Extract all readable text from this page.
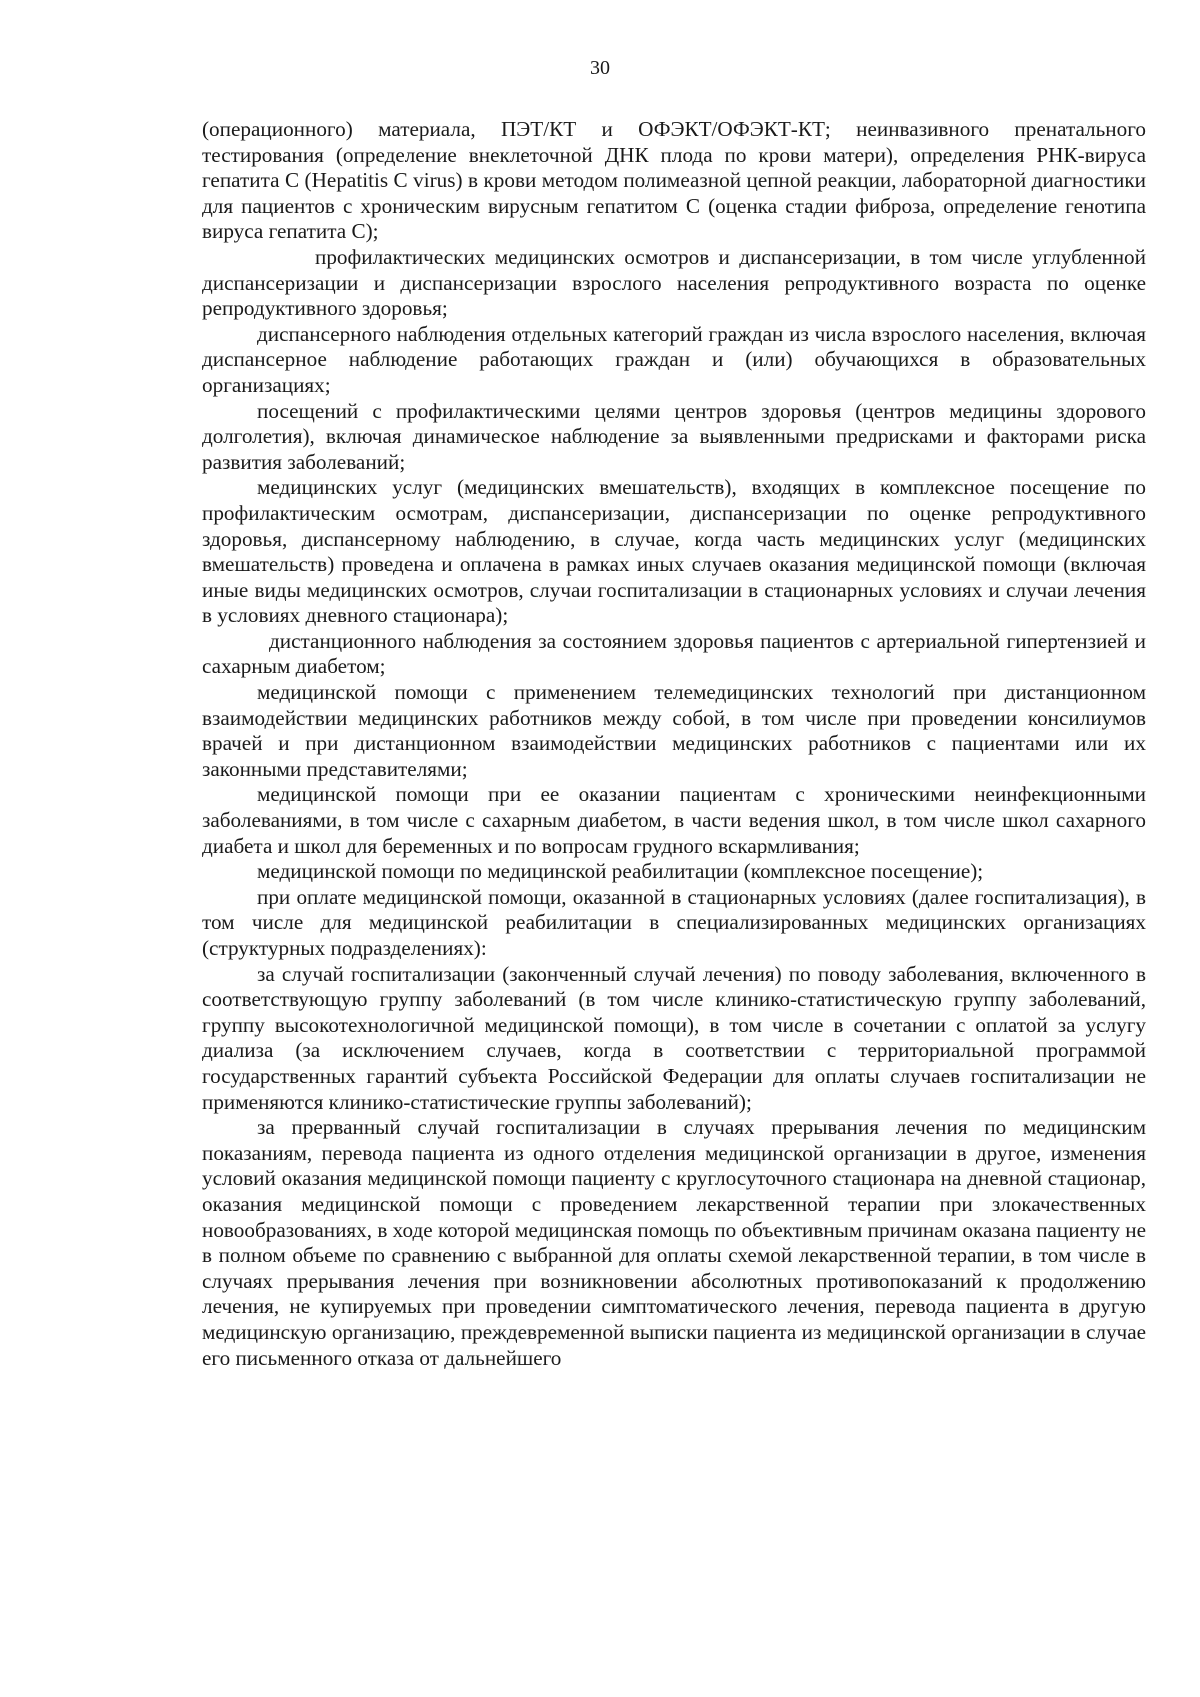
30

(операционного) материала, ПЭТ/КТ и ОФЭКТ/ОФЭКТ-КТ; неинвазивного пренатального тестирования (определение внеклеточной ДНК плода по крови матери), определения РНК-вируса гепатита С (Hepatitis C virus) в крови методом полимеазной цепной реакции, лабораторной диагностики для пациентов с хроническим вирусным гепатитом С (оценка стадии фиброза, определение генотипа вируса гепатита С);

профилактических медицинских осмотров и диспансеризации, в том числе углубленной диспансеризации и диспансеризации взрослого населения репродуктивного возраста по оценке репродуктивного здоровья;

диспансерного наблюдения отдельных категорий граждан из числа взрослого населения, включая диспансерное наблюдение работающих граждан и (или) обучающихся в образовательных организациях;

посещений с профилактическими целями центров здоровья (центров медицины здорового долголетия), включая динамическое наблюдение за выявленными предрисками и факторами риска развития заболеваний;

медицинских услуг (медицинских вмешательств), входящих в комплексное посещение по профилактическим осмотрам, диспансеризации, диспансеризации по оценке репродуктивного здоровья, диспансерному наблюдению, в случае, когда часть медицинских услуг (медицинских вмешательств) проведена и оплачена в рамках иных случаев оказания медицинской помощи (включая иные виды медицинских осмотров, случаи госпитализации в стационарных условиях и случаи лечения в условиях дневного стационара);

дистанционного наблюдения за состоянием здоровья пациентов с артериальной гипертензией и сахарным диабетом;

медицинской помощи с применением телемедицинских технологий при дистанционном взаимодействии медицинских работников между собой, в том числе при проведении консилиумов врачей и при дистанционном взаимодействии медицинских работников с пациентами или их законными представителями;

медицинской помощи при ее оказании пациентам с хроническими неинфекционными заболеваниями, в том числе с сахарным диабетом, в части ведения школ, в том числе школ сахарного диабета и школ для беременных и по вопросам грудного вскармливания;

медицинской помощи по медицинской реабилитации (комплексное посещение);

при оплате медицинской помощи, оказанной в стационарных условиях (далее госпитализация), в том числе для медицинской реабилитации в специализированных медицинских организациях (структурных подразделениях):

за случай госпитализации (законченный случай лечения) по поводу заболевания, включенного в соответствующую группу заболеваний (в том числе клинико-статистическую группу заболеваний, группу высокотехнологичной медицинской помощи), в том числе в сочетании с оплатой за услугу диализа (за исключением случаев, когда в соответствии с территориальной программой государственных гарантий субъекта Российской Федерации для оплаты случаев госпитализации не применяются клинико-статистические группы заболеваний);

за прерванный случай госпитализации в случаях прерывания лечения по медицинским показаниям, перевода пациента из одного отделения медицинской организации в другое, изменения условий оказания медицинской помощи пациенту с круглосуточного стационара на дневной стационар, оказания медицинской помощи с проведением лекарственной терапии при злокачественных новообразованиях, в ходе которой медицинская помощь по объективным причинам оказана пациенту не в полном объеме по сравнению с выбранной для оплаты схемой лекарственной терапии, в том числе в случаях прерывания лечения при возникновении абсолютных противопоказаний к продолжению лечения, не купируемых при проведении симптоматического лечения, перевода пациента в другую медицинскую организацию, преждевременной выписки пациента из медицинской организации в случае его письменного отказа от дальнейшего
